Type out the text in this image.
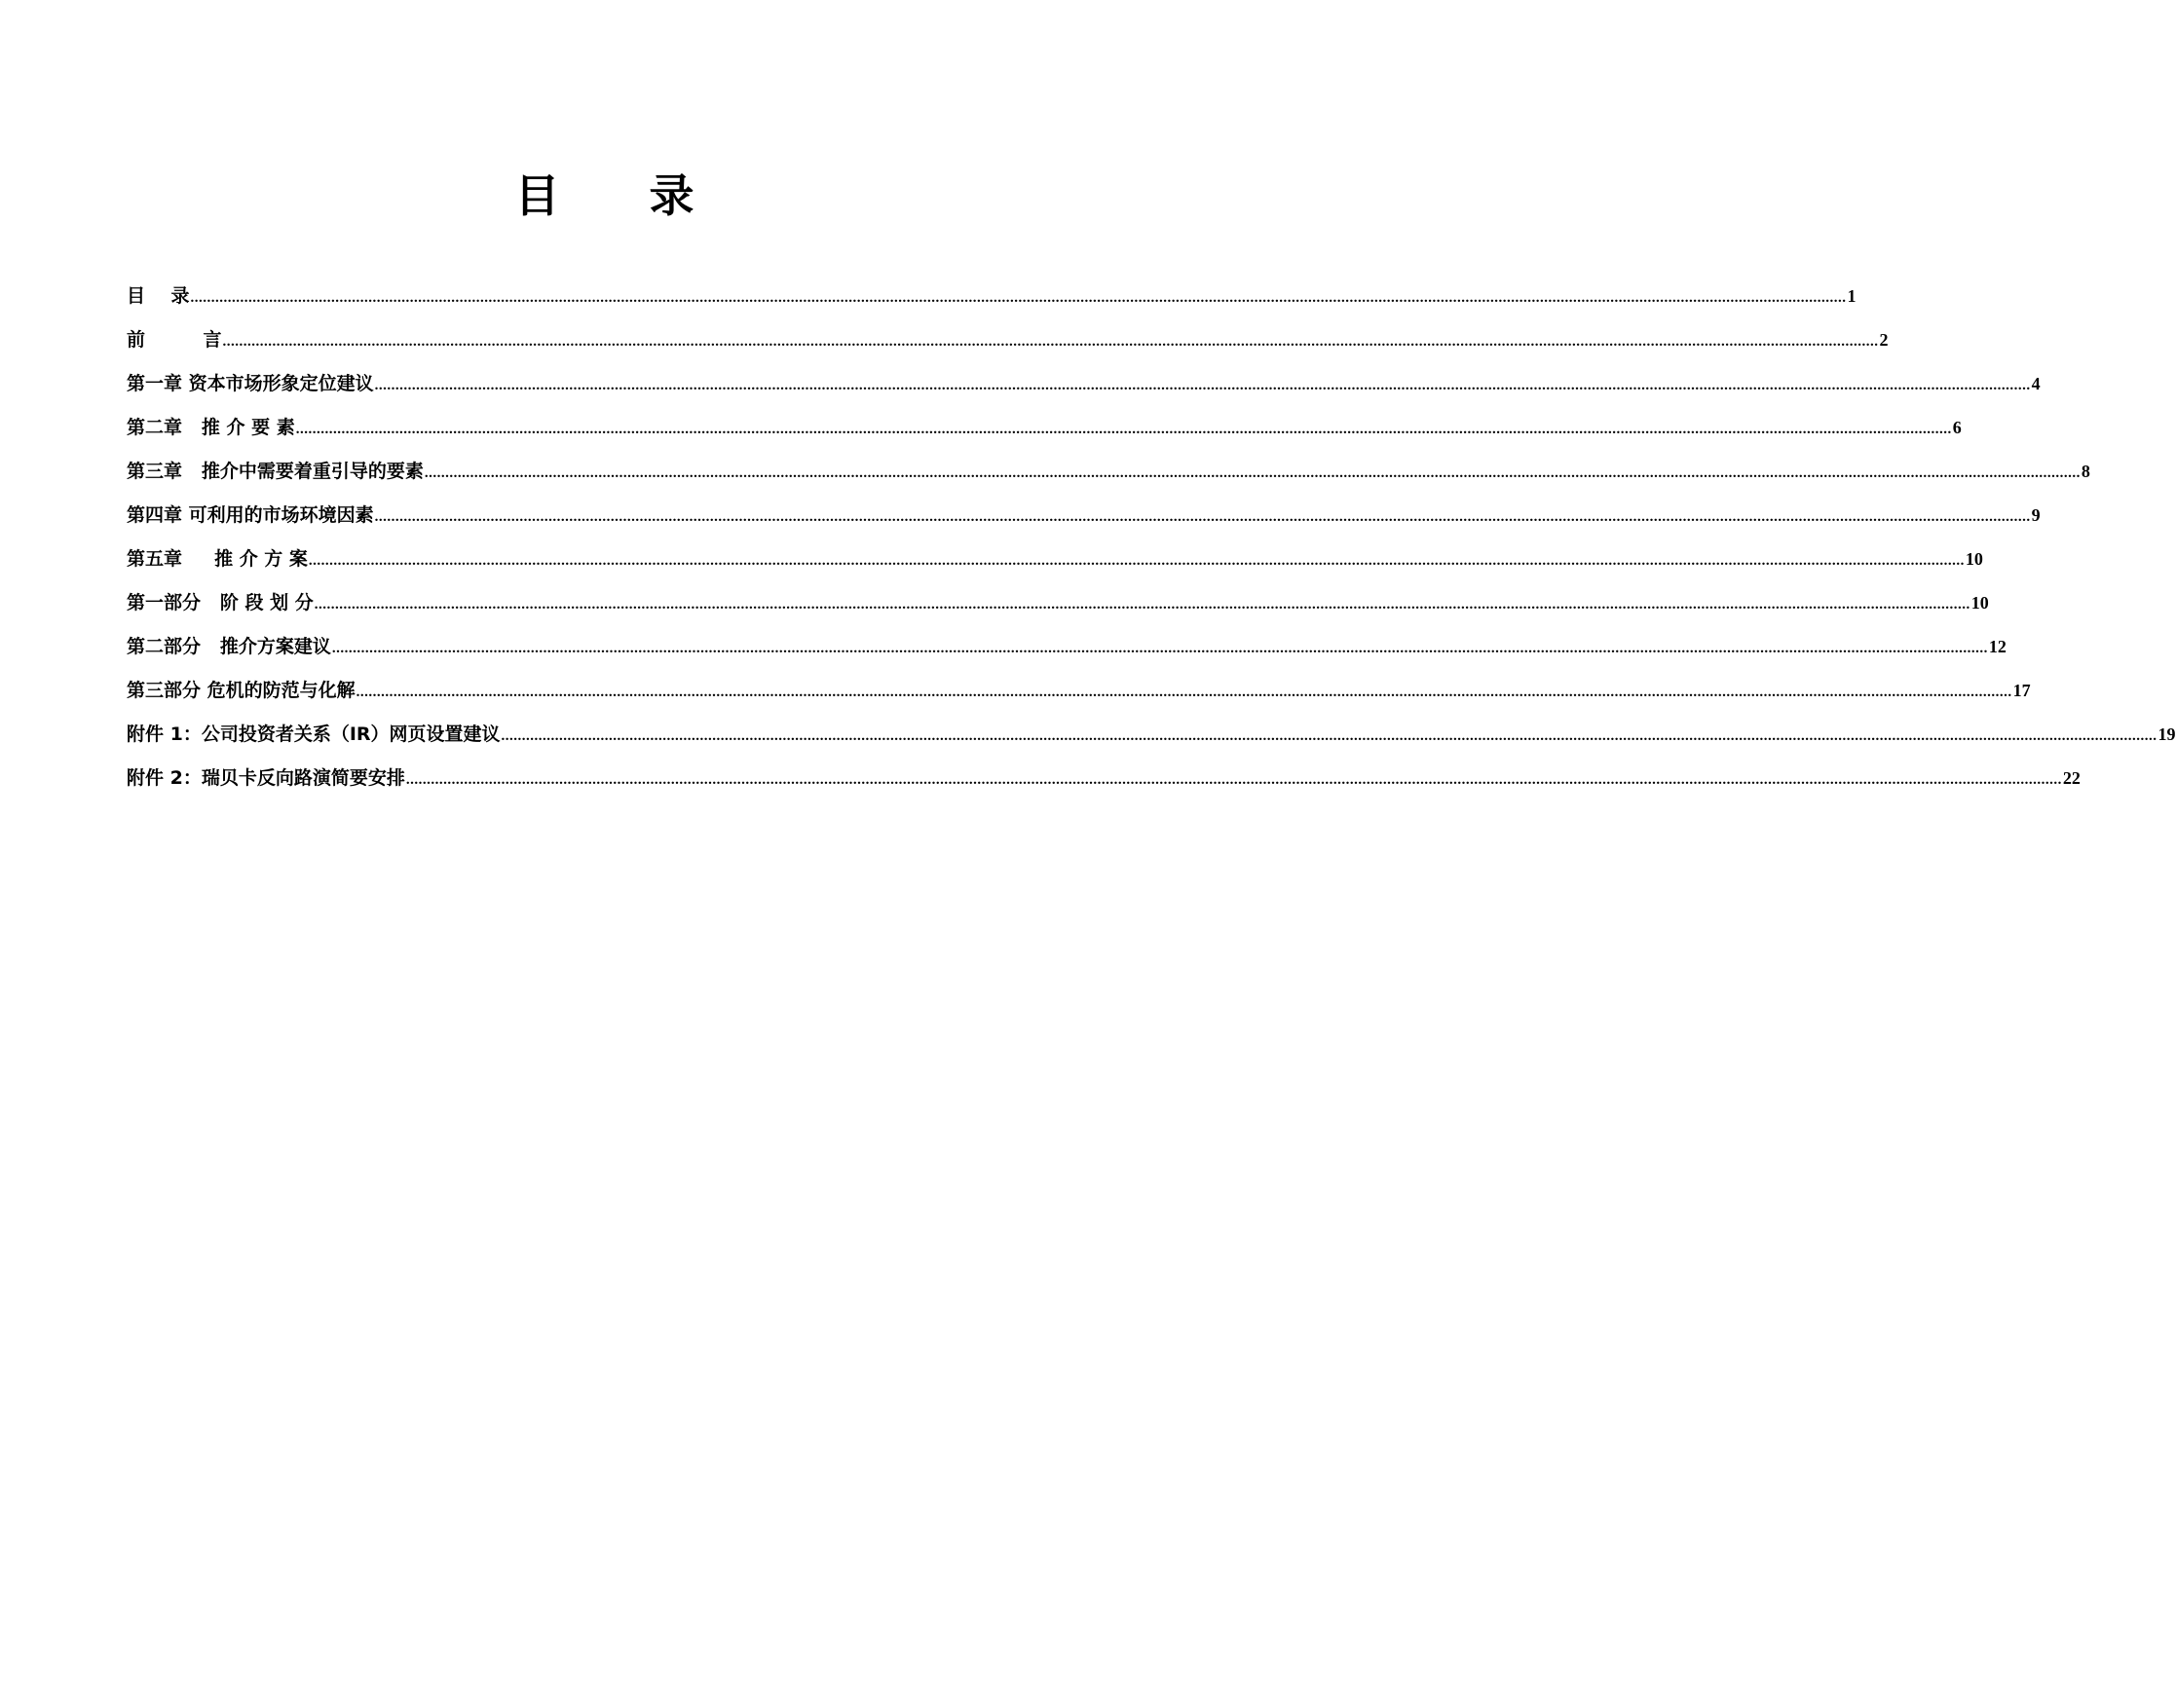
目 录
目    录 ................................................................................................................................................................................................................................................................................................................................................................................................................ 1
前         言 ................................................................................................................................................................................................................................................................................................................................................................................................................ 2
第一章 资本市场形象定位建议 ................................................................................................................................................................................................................................................................................................................................................................................................................ 4
第二章   推 介 要 素 ................................................................................................................................................................................................................................................................................................................................................................................................................ 6
第三章   推介中需要着重引导的要素 ................................................................................................................................................................................................................................................................................................................................................................................................................ 8
第四章 可利用的市场环境因素 ................................................................................................................................................................................................................................................................................................................................................................................................................ 9
第五章     推 介 方 案 ................................................................................................................................................................................................................................................................................................................................................................................................................ 10
第一部分   阶 段 划 分 ................................................................................................................................................................................................................................................................................................................................................................................................................ 10
第二部分   推介方案建议 ................................................................................................................................................................................................................................................................................................................................................................................................................ 12
第三部分 危机的防范与化解 ................................................................................................................................................................................................................................................................................................................................................................................................................ 17
附件 1：公司投资者关系（IR）网页设置建议 ................................................................................................................................................................................................................................................................................................................................................................................................................ 19
附件 2：瑞贝卡反向路演简要安排 ................................................................................................................................................................................................................................................................................................................................................................................................................ 22
